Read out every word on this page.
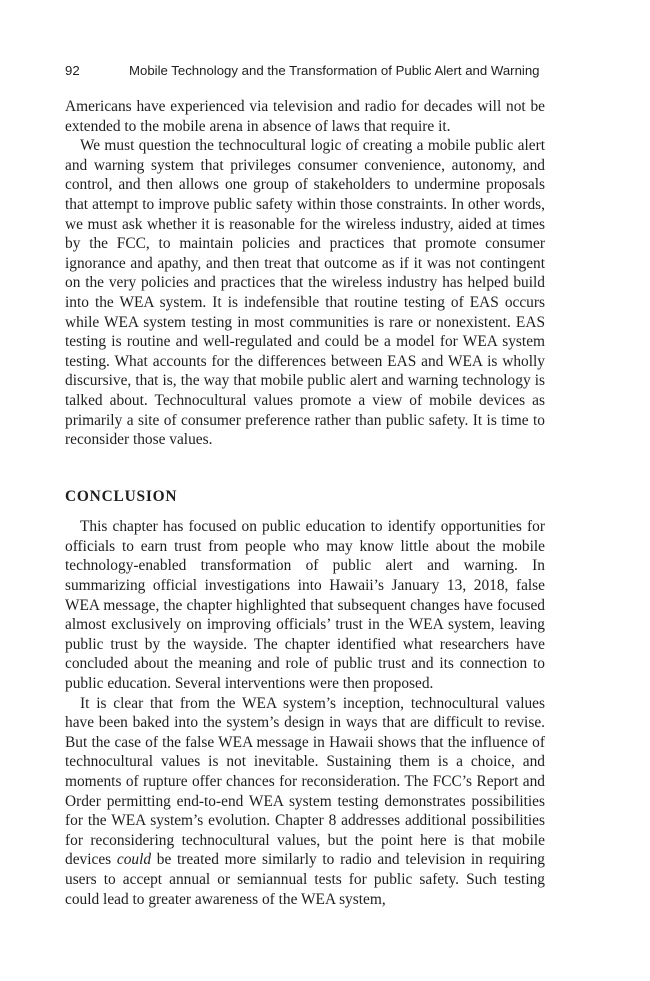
92	Mobile Technology and the Transformation of Public Alert and Warning

Americans have experienced via television and radio for decades will not be extended to the mobile arena in absence of laws that require it.

We must question the technocultural logic of creating a mobile public alert and warning system that privileges consumer convenience, autonomy, and control, and then allows one group of stakeholders to undermine proposals that attempt to improve public safety within those constraints. In other words, we must ask whether it is reasonable for the wireless industry, aided at times by the FCC, to maintain policies and practices that promote consumer ignorance and apathy, and then treat that outcome as if it was not contingent on the very policies and practices that the wireless industry has helped build into the WEA system. It is indefensible that routine testing of EAS occurs while WEA system testing in most communities is rare or nonexistent. EAS testing is routine and well-regulated and could be a model for WEA system testing. What accounts for the differences between EAS and WEA is wholly discursive, that is, the way that mobile public alert and warning technology is talked about. Technocultural values promote a view of mobile devices as primarily a site of consumer preference rather than public safety. It is time to reconsider those values.

CONCLUSION

This chapter has focused on public education to identify opportunities for officials to earn trust from people who may know little about the mobile technology-enabled transformation of public alert and warning. In summarizing official investigations into Hawaii’s January 13, 2018, false WEA message, the chapter highlighted that subsequent changes have focused almost exclusively on improving officials’ trust in the WEA system, leaving public trust by the wayside. The chapter identified what researchers have concluded about the meaning and role of public trust and its connection to public education. Several interventions were then proposed.

It is clear that from the WEA system’s inception, technocultural values have been baked into the system’s design in ways that are difficult to revise. But the case of the false WEA message in Hawaii shows that the influence of technocultural values is not inevitable. Sustaining them is a choice, and moments of rupture offer chances for reconsideration. The FCC’s Report and Order permitting end-to-end WEA system testing demonstrates possibilities for the WEA system’s evolution. Chapter 8 addresses additional possibilities for reconsidering technocultural values, but the point here is that mobile devices could be treated more similarly to radio and television in requiring users to accept annual or semiannual tests for public safety. Such testing could lead to greater awareness of the WEA system,
